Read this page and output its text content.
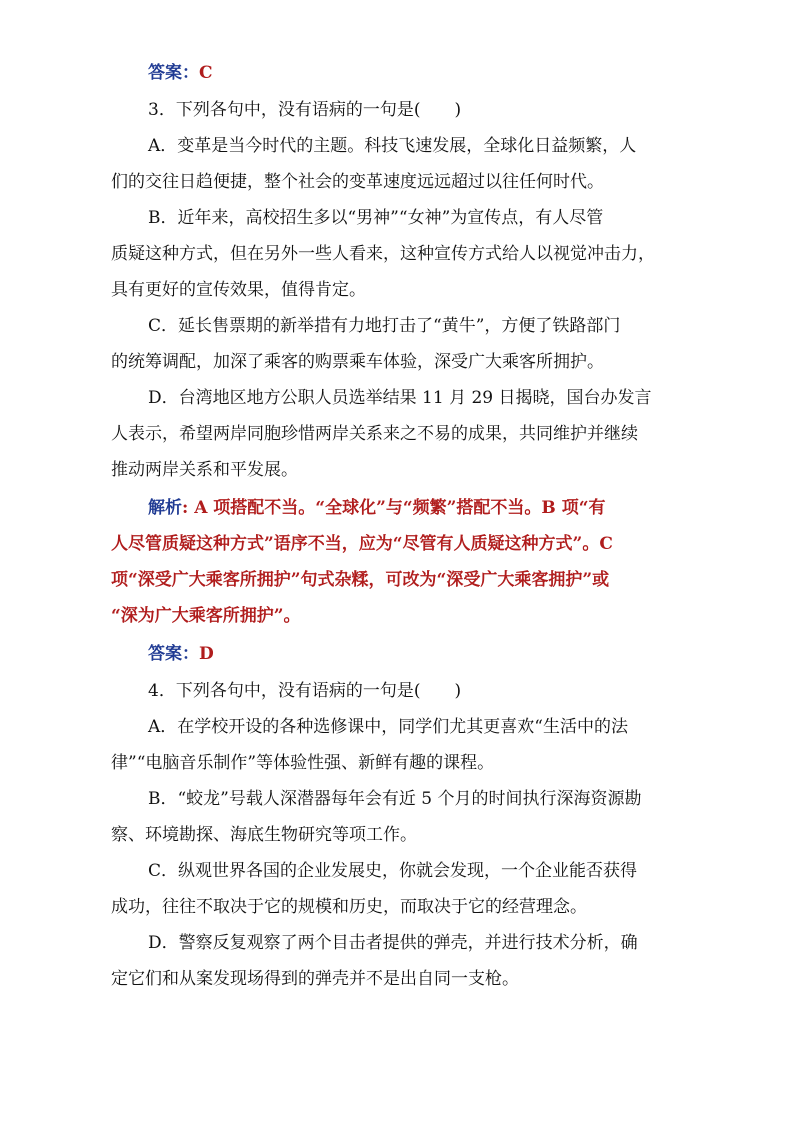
答案：C
3．下列各句中，没有语病的一句是(　　)
A．变革是当今时代的主题。科技飞速发展，全球化日益频繁，人
们的交往日趋便捷，整个社会的变革速度远远超过以往任何时代。
B．近年来，高校招生多以“男神”“女神”为宣传点，有人尽管
质疑这种方式，但在另外一些人看来，这种宣传方式给人以视觉冲击力，
具有更好的宣传效果，值得肯定。
C．延长售票期的新举措有力地打击了“黄牛”，方便了铁路部门
的统筹调配，加深了乘客的购票乘车体验，深受广大乘客所拥护。
D．台湾地区地方公职人员选举结果 11 月 29 日揭晓，国台办发言
人表示，希望两岸同胞珍惜两岸关系来之不易的成果，共同维护并继续
推动两岸关系和平发展。
解析: A 项搭配不当。“全球化”与“频繁”搭配不当。B 项“有
人尽管质疑这种方式”语序不当，应为“尽管有人质疑这种方式”。C
项“深受广大乘客所拥护”句式杂糅，可改为“深受广大乘客拥护”或
“深为广大乘客所拥护”。
答案：D
4．下列各句中，没有语病的一句是(　　)
A．在学校开设的各种选修课中，同学们尤其更喜欢“生活中的法
律”“电脑音乐制作”等体验性强、新鲜有趣的课程。
B．“蛟龙”号载人深潜器每年会有近 5 个月的时间执行深海资源勘
察、环境勘探、海底生物研究等项工作。
C．纵观世界各国的企业发展史，你就会发现，一个企业能否获得
成功，往往不取决于它的规模和历史，而取决于它的经营理念。
D．警察反复观察了两个目击者提供的弹壳，并进行技术分析，确
定它们和从案发现场得到的弹壳并不是出自同一支枪。
